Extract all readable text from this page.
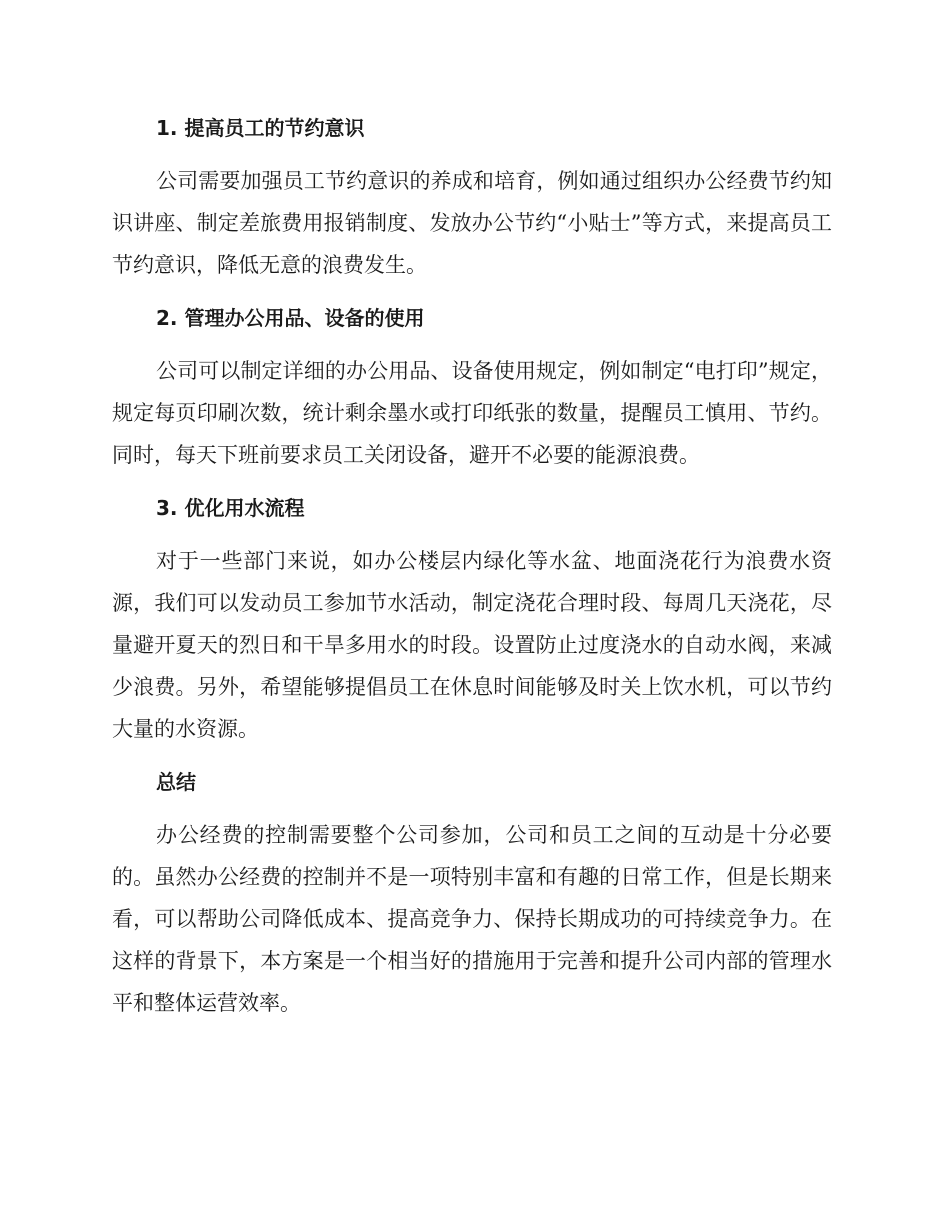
1. 提高员工的节约意识

公司需要加强员工节约意识的养成和培育，例如通过组织办公经费节约知识讲座、制定差旅费用报销制度、发放办公节约“小贴士”等方式，来提高员工节约意识，降低无意的浪费发生。

2. 管理办公用品、设备的使用

公司可以制定详细的办公用品、设备使用规定，例如制定“电打印”规定，规定每页印刷次数，统计剩余墨水或打印纸张的数量，提醒员工慎用、节约。同时，每天下班前要求员工关闭设备，避开不必要的能源浪费。

3. 优化用水流程

对于一些部门来说，如办公楼层内绿化等水盆、地面浇花行为浪费水资源，我们可以发动员工参加节水活动，制定浇花合理时段、每周几天浇花，尽量避开夏天的烈日和干旱多用水的时段。设置防止过度浇水的自动水阀，来减少浪费。另外，希望能够提倡员工在休息时间能够及时关上饮水机，可以节约大量的水资源。

总结

办公经费的控制需要整个公司参加，公司和员工之间的互动是十分必要的。虽然办公经费的控制并不是一项特别丰富和有趣的日常工作，但是长期来看，可以帮助公司降低成本、提高竞争力、保持长期成功的可持续竞争力。在这样的背景下，本方案是一个相当好的措施用于完善和提升公司内部的管理水平和整体运营效率。
